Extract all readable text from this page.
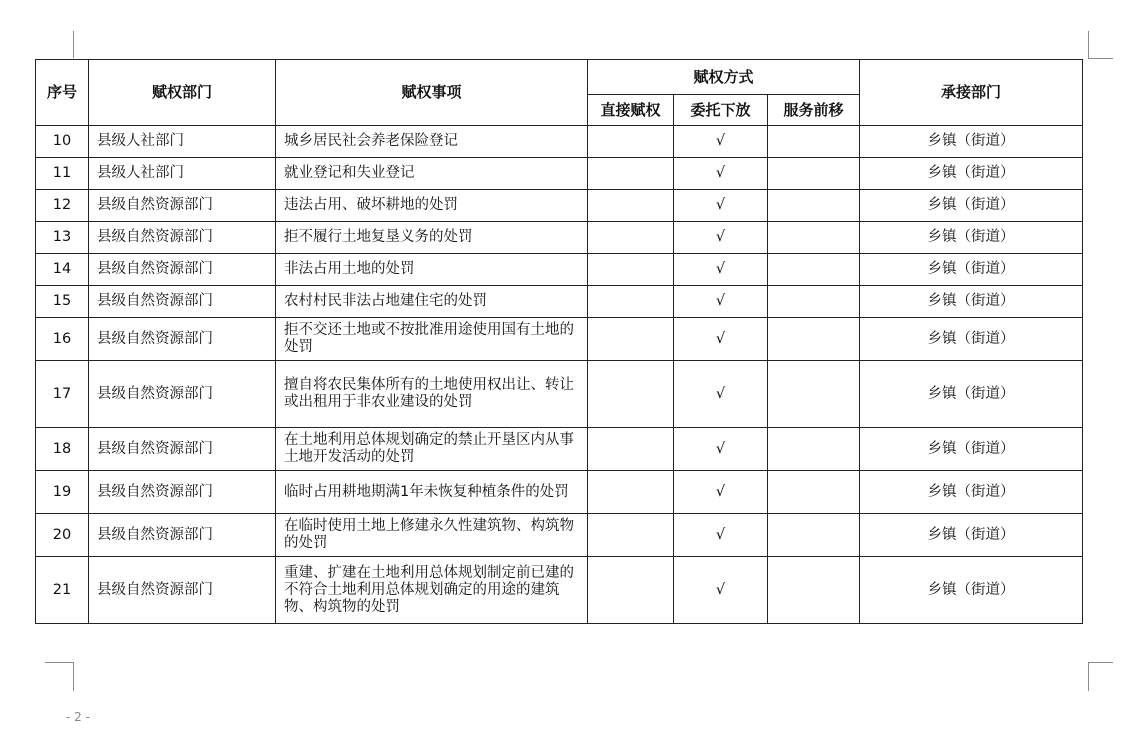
序号	赋权部门	赋权事项	赋权方式			承接部门
			直接赋权	委托下放	服务前移	
10	县级人社部门	城乡居民社会养老保险登记		√		乡镇（街道）
11	县级人社部门	就业登记和失业登记		√		乡镇（街道）
12	县级自然资源部门	违法占用、破坏耕地的处罚		√		乡镇（街道）
13	县级自然资源部门	拒不履行土地复垦义务的处罚		√		乡镇（街道）
14	县级自然资源部门	非法占用土地的处罚		√		乡镇（街道）
15	县级自然资源部门	农村村民非法占地建住宅的处罚		√		乡镇（街道）
16	县级自然资源部门	拒不交还土地或不按批准用途使用国有土地的处罚		√		乡镇（街道）
17	县级自然资源部门	擅自将农民集体所有的土地使用权出让、转让或出租用于非农业建设的处罚		√		乡镇（街道）
18	县级自然资源部门	在土地利用总体规划确定的禁止开垦区内从事土地开发活动的处罚		√		乡镇（街道）
19	县级自然资源部门	临时占用耕地期满1年未恢复种植条件的处罚		√		乡镇（街道）
20	县级自然资源部门	在临时使用土地上修建永久性建筑物、构筑物的处罚		√		乡镇（街道）
21	县级自然资源部门	重建、扩建在土地利用总体规划制定前已建的不符合土地利用总体规划确定的用途的建筑物、构筑物的处罚		√		乡镇（街道）
- 2 -
